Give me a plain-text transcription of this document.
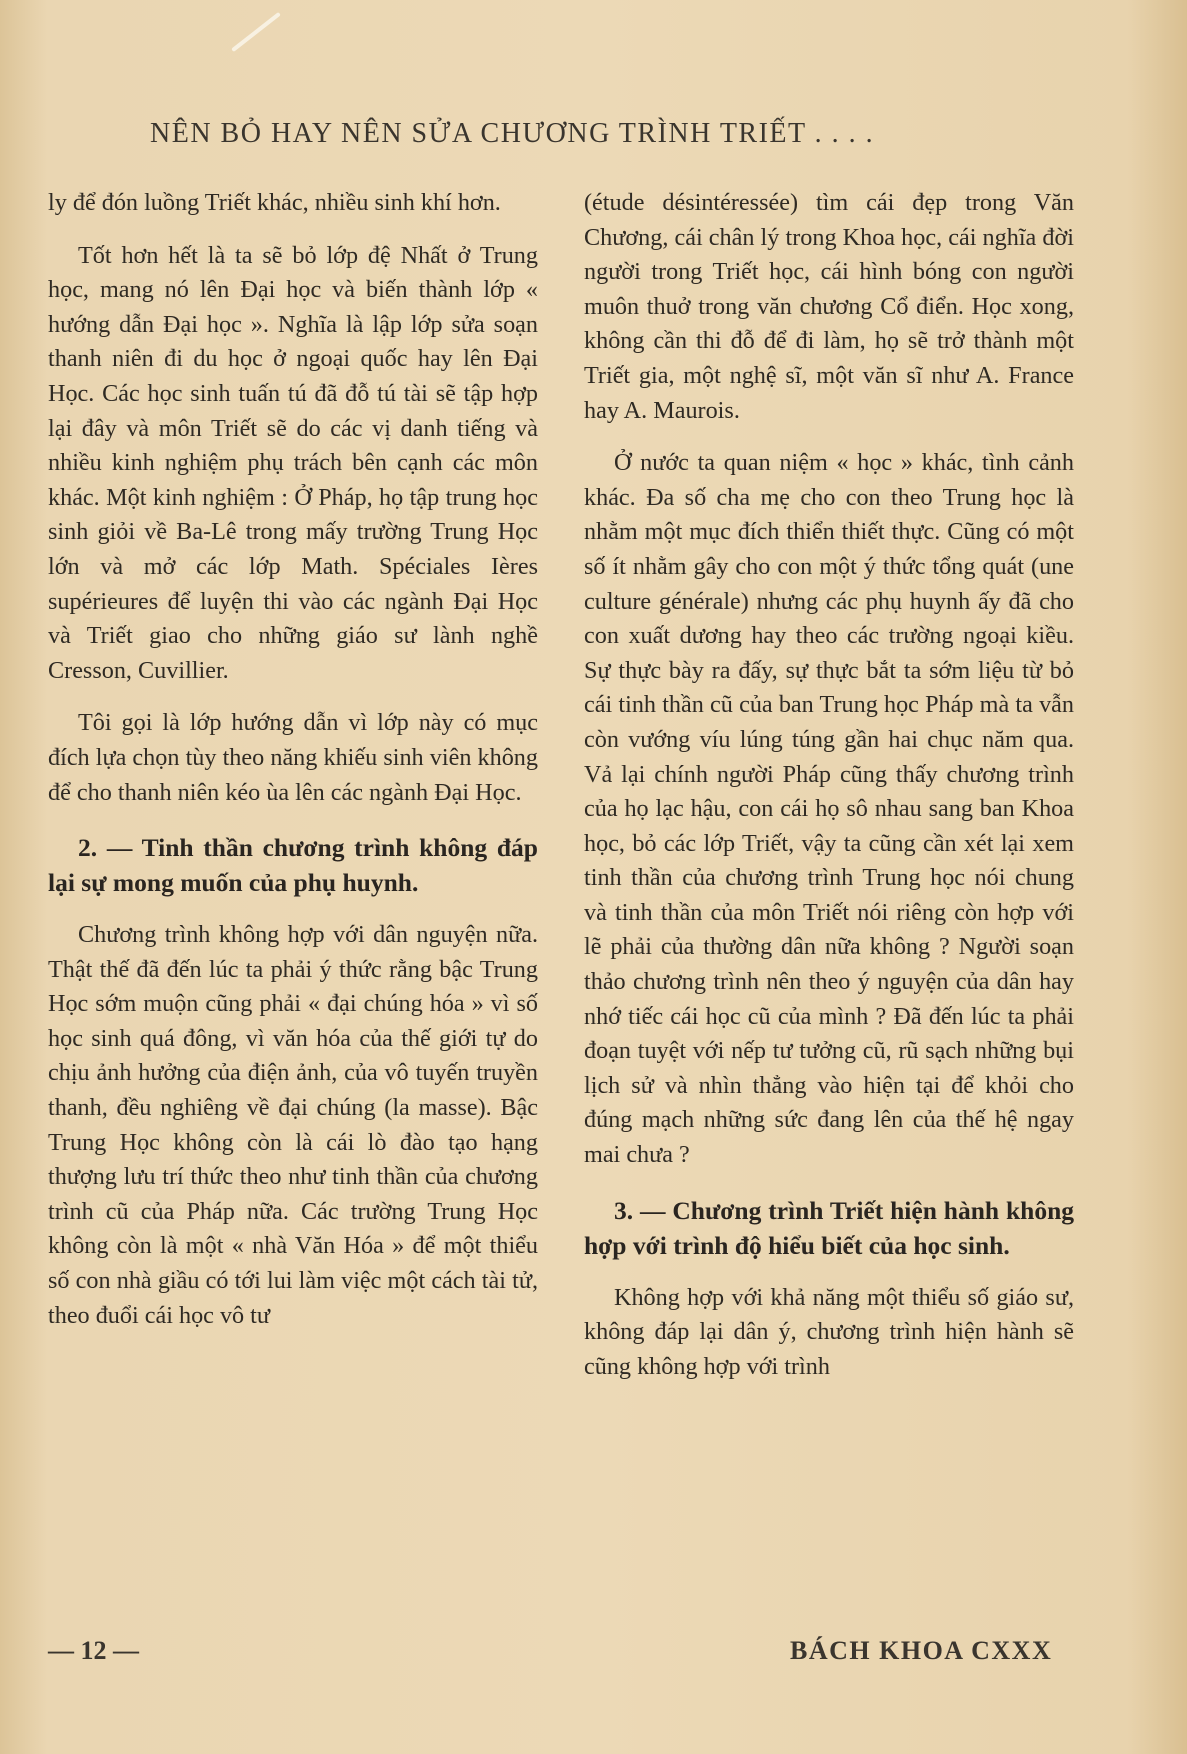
NÊN BỎ HAY NÊN SỬA CHƯƠNG TRÌNH TRIẾT . . . .

ly để đón luồng Triết khác, nhiều sinh khí hơn.

Tốt hơn hết là ta sẽ bỏ lớp đệ Nhất ở Trung học, mang nó lên Đại học và biến thành lớp « hướng dẫn Đại học ». Nghĩa là lập lớp sửa soạn thanh niên đi du học ở ngoại quốc hay lên Đại Học. Các học sinh tuấn tú đã đỗ tú tài sẽ tập hợp lại đây và môn Triết sẽ do các vị danh tiếng và nhiều kinh nghiệm phụ trách bên cạnh các môn khác. Một kinh nghiệm : Ở Pháp, họ tập trung học sinh giỏi về Ba-Lê trong mấy trường Trung Học lớn và mở các lớp Math. Spéciales Ières supérieures để luyện thi vào các ngành Đại Học và Triết giao cho những giáo sư lành nghề Cresson, Cuvillier.

Tôi gọi là lớp hướng dẫn vì lớp này có mục đích lựa chọn tùy theo năng khiếu sinh viên không để cho thanh niên kéo ùa lên các ngành Đại Học.

2. — Tinh thần chương trình không đáp lại sự mong muốn của phụ huynh.

Chương trình không hợp với dân nguyện nữa. Thật thế đã đến lúc ta phải ý thức rằng bậc Trung Học sớm muộn cũng phải « đại chúng hóa » vì số học sinh quá đông, vì văn hóa của thế giới tự do chịu ảnh hưởng của điện ảnh, của vô tuyến truyền thanh, đều nghiêng về đại chúng (la masse). Bậc Trung Học không còn là cái lò đào tạo hạng thượng lưu trí thức theo như tinh thần của chương trình cũ của Pháp nữa. Các trường Trung Học không còn là một « nhà Văn Hóa » để một thiểu số con nhà giầu có tới lui làm việc một cách tài tử, theo đuổi cái học vô tư

(étude désintéressée) tìm cái đẹp trong Văn Chương, cái chân lý trong Khoa học, cái nghĩa đời người trong Triết học, cái hình bóng con người muôn thuở trong văn chương Cổ điển. Học xong, không cần thi đỗ để đi làm, họ sẽ trở thành một Triết gia, một nghệ sĩ, một văn sĩ như A. France hay A. Maurois.

Ở nước ta quan niệm « học » khác, tình cảnh khác. Đa số cha mẹ cho con theo Trung học là nhằm một mục đích thiển thiết thực. Cũng có một số ít nhằm gây cho con một ý thức tổng quát (une culture générale) nhưng các phụ huynh ấy đã cho con xuất dương hay theo các trường ngoại kiều. Sự thực bày ra đấy, sự thực bắt ta sớm liệu từ bỏ cái tinh thần cũ của ban Trung học Pháp mà ta vẫn còn vướng víu lúng túng gần hai chục năm qua. Vả lại chính người Pháp cũng thấy chương trình của họ lạc hậu, con cái họ sô nhau sang ban Khoa học, bỏ các lớp Triết, vậy ta cũng cần xét lại xem tinh thần của chương trình Trung học nói chung và tinh thần của môn Triết nói riêng còn hợp với lẽ phải của thường dân nữa không ? Người soạn thảo chương trình nên theo ý nguyện của dân hay nhớ tiếc cái học cũ của mình ? Đã đến lúc ta phải đoạn tuyệt với nếp tư tưởng cũ, rũ sạch những bụi lịch sử và nhìn thẳng vào hiện tại để khỏi cho đúng mạch những sức đang lên của thế hệ ngay mai chưa ?

3. — Chương trình Triết hiện hành không hợp với trình độ hiểu biết của học sinh.

Không hợp với khả năng một thiểu số giáo sư, không đáp lại dân ý, chương trình hiện hành sẽ cũng không hợp với trình

— 12 —	BÁCH KHOA CXXX
